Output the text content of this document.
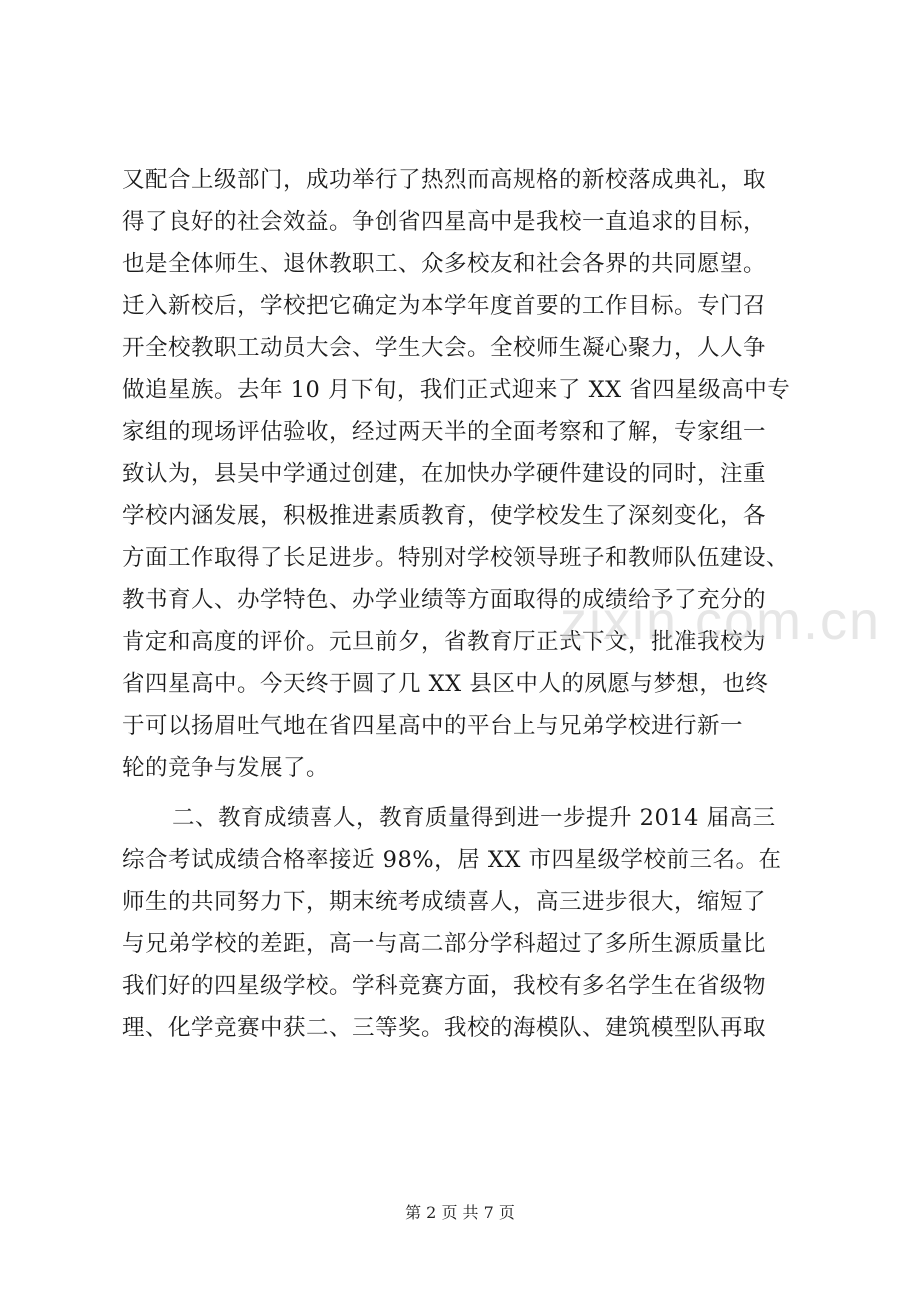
又配合上级部门，成功举行了热烈而高规格的新校落成典礼，取
得了良好的社会效益。争创省四星高中是我校一直追求的目标，
也是全体师生、退休教职工、众多校友和社会各界的共同愿望。
迁入新校后，学校把它确定为本学年度首要的工作目标。专门召
开全校教职工动员大会、学生大会。全校师生凝心聚力，人人争
做追星族。去年 10 月下旬，我们正式迎来了 XX 省四星级高中专
家组的现场评估验收，经过两天半的全面考察和了解，专家组一
致认为，县吴中学通过创建，在加快办学硬件建设的同时，注重
学校内涵发展，积极推进素质教育，使学校发生了深刻变化，各
方面工作取得了长足进步。特别对学校领导班子和教师队伍建设、
教书育人、办学特色、办学业绩等方面取得的成绩给予了充分的
肯定和高度的评价。元旦前夕，省教育厅正式下文，批准我校为
省四星高中。今天终于圆了几 XX 县区中人的夙愿与梦想，也终
于可以扬眉吐气地在省四星高中的平台上与兄弟学校进行新一
轮的竞争与发展了。
二、教育成绩喜人，教育质量得到进一步提升 2014 届高三
综合考试成绩合格率接近 98%，居 XX 市四星级学校前三名。在
师生的共同努力下，期末统考成绩喜人，高三进步很大，缩短了
与兄弟学校的差距，高一与高二部分学科超过了多所生源质量比
我们好的四星级学校。学科竞赛方面，我校有多名学生在省级物
理、化学竞赛中获二、三等奖。我校的海模队、建筑模型队再取
zixin.com.cn
第 2 页 共 7 页
